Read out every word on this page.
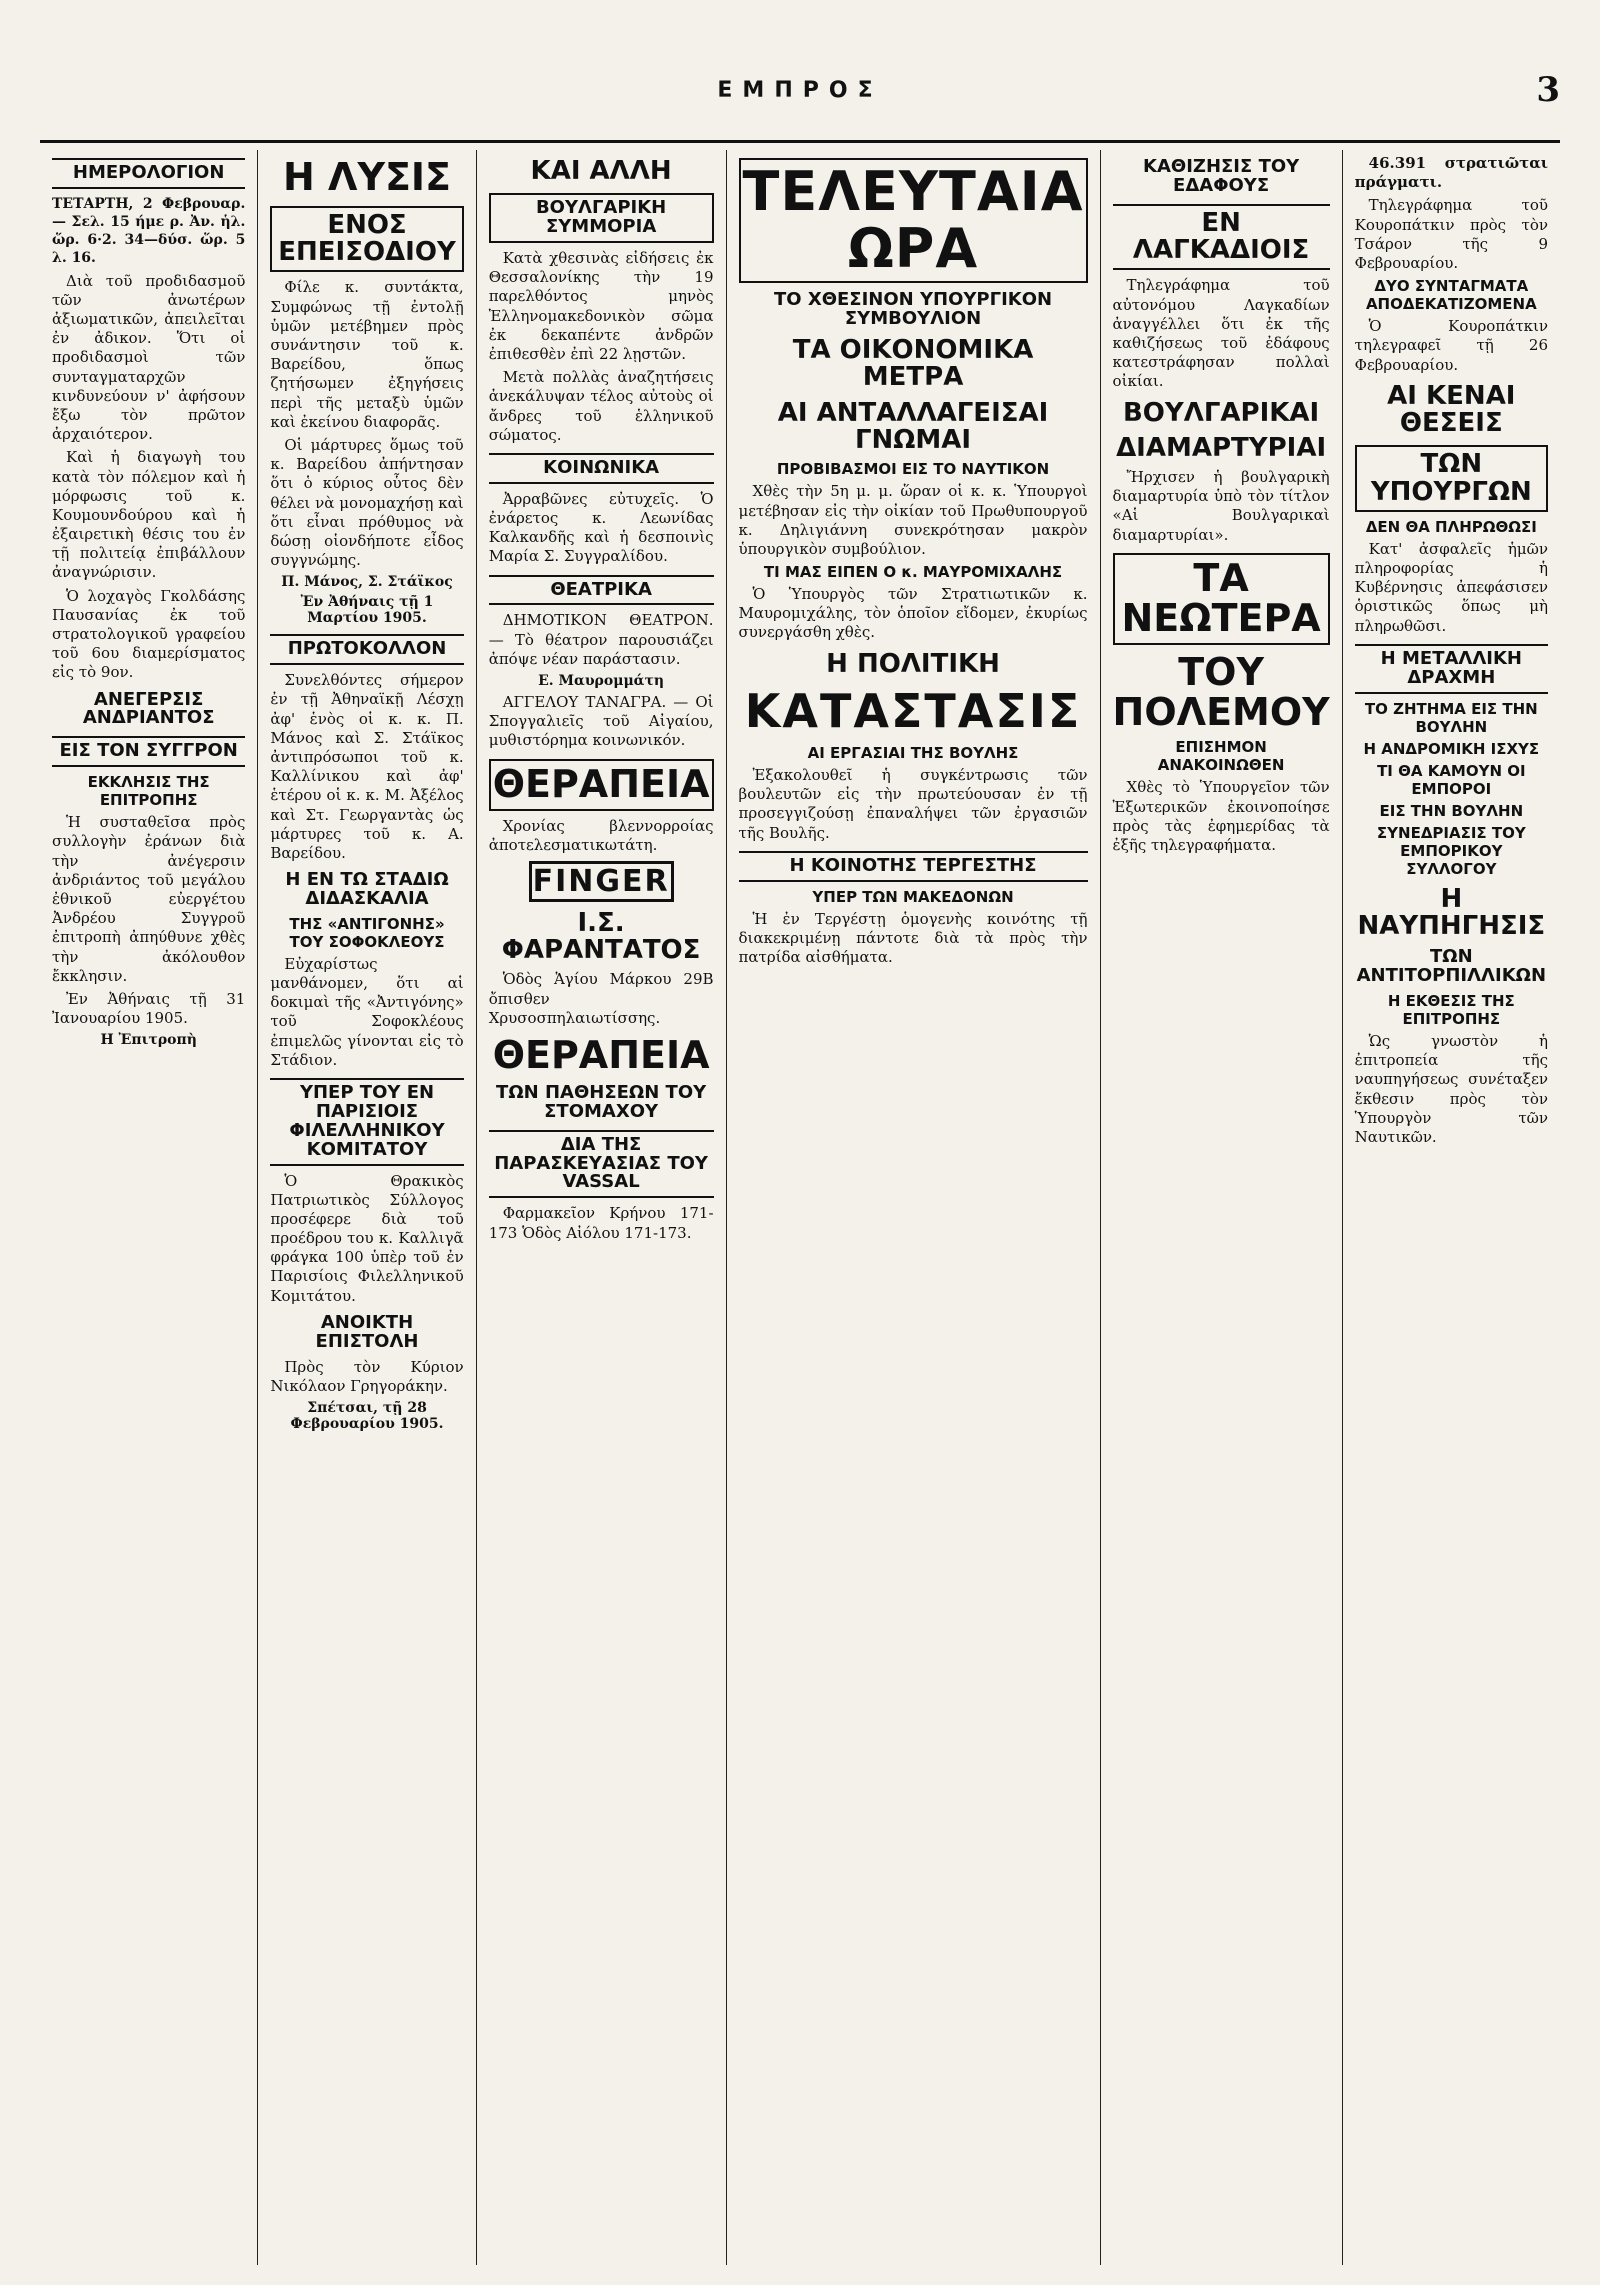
ΕΜΠΡΟΣ	3
ΗΜΕΡΟΛΟΓΙΟΝ
ΤΕΤΑΡΤΗ, 2 Φεβρουαρ. — Σελ. 15 ήμε ρ. Ἀν. ἡλ. ὥρ. 6·2. 34—δύσ. ὥρ. 5 λ. 16.

Διὰ τοῦ προδιδασμοῦ τῶν ἀνωτέρων ἀξιωματικῶν, ἀπειλεῖται ἐν ἀδικον. Ὅτι οἱ προδιδασμοὶ τῶν συνταγματαρχῶν κινδυνεύουν ν' ἀφήσουν ἔξω τὸν πρῶτον ἀρχαιότερον.

Καὶ ἡ διαγωγὴ του κατὰ τὸν πόλεμον καὶ ἡ μόρφωσις τοῦ κ. Κουμουνδούρου καὶ ἡ ἐξαιρετικὴ θέσις του ἐν τῇ πολιτείᾳ ἐπιβάλλουν ἀναγνώρισιν.

Ὁ λοχαγὸς Γκολδάσης Παυσανίας ἐκ τοῦ στρατολογικοῦ γραφείου τοῦ 6ου διαμερίσματος εἰς τὸ 9ον.

ΑΝΕΓΕΡΣΙΣ ΑΝΔΡΙΑΝΤΟΣ
ΕΙΣ ΤΟΝ ΣΥΓΓΡΟΝ
ΕΚΚΛΗΣΙΣ ΤΗΣ ΕΠΙΤΡΟΠΗΣ

Ἡ συσταθεῖσα πρὸς συλλογὴν ἐράνων διὰ τὴν ἀνέγερσιν ἀνδριάντος τοῦ μεγάλου ἐθνικοῦ εὐεργέτου Ἀνδρέου Συγγροῦ ἐπιτροπὴ ἀπηύθυνε χθὲς τὴν ἀκόλουθον ἔκκλησιν.

Ἐν Ἀθήναις τῇ 31 Ἰανουαρίου 1905.

Η Ἐπιτροπὴ
Η ΛΥΣΙΣ
ΕΝΟΣ ΕΠΕΙΣΟΔΙΟΥ

Φίλε κ. συντάκτα, Συμφώνως τῇ ἐντολῇ ὑμῶν μετέβημεν πρὸς συνάντησιν τοῦ κ. Βαρείδου, ὅπως ζητήσωμεν ἐξηγήσεις περὶ τῆς μεταξὺ ὑμῶν καὶ ἐκείνου διαφορᾶς.

Οἱ μάρτυρες ὅμως τοῦ κ. Βαρείδου ἀπήντησαν ὅτι ὁ κύριος οὗτος δὲν θέλει νὰ μονομαχήσῃ καὶ ὅτι εἶναι πρόθυμος νὰ δώσῃ οἱονδήποτε εἶδος συγγνώμης.

Π. Μάνος, Σ. Στάϊκος
Ἐν Ἀθήναις τῇ 1 Μαρτίου 1905.
ΠΡΩΤΟΚΟΛΛΟΝ

Συνελθόντες σήμερον ἐν τῇ Ἀθηναϊκῇ Λέσχῃ ἀφ' ἑνὸς οἱ κ. κ. Π. Μάνος καὶ Σ. Στάϊκος ἀντιπρόσωποι τοῦ κ. Καλλίνικου καὶ ἀφ' ἑτέρου οἱ κ. κ. Μ. Ἀξέλος καὶ Στ. Γεωργαντὰς ὡς μάρτυρες τοῦ κ. Α. Βαρείδου.

Η ΕΝ ΤΩ ΣΤΑΔΙΩ ΔΙΔΑΣΚΑΛΙΑ
ΤΗΣ «ΑΝΤΙΓΟΝΗΣ» ΤΟΥ ΣΟΦΟΚΛΕΟΥΣ

Εὐχαρίστως μανθάνομεν, ὅτι αἱ δοκιμαὶ τῆς «Ἀντιγόνης» τοῦ Σοφοκλέους ἐπιμελῶς γίνονται εἰς τὸ Στάδιον.

ΥΠΕΡ ΤΟΥ ΕΝ ΠΑΡΙΣΙΟΙΣ ΦΙΛΕΛΛΗΝΙΚΟΥ ΚΟΜΙΤΑΤΟΥ

Ὁ Θρακικὸς Πατριωτικὸς Σύλλογος προσέφερε διὰ τοῦ προέδρου του κ. Καλλιγᾶ φράγκα 100 ὑπὲρ τοῦ ἐν Παρισίοις Φιλελληνικοῦ Κομιτάτου.

ΑΝΟΙΚΤΗ ΕΠΙΣΤΟΛΗ

Πρὸς τὸν Κύριον Νικόλαον Γρηγοράκην.

Σπέτσαι, τῇ 28 Φεβρουαρίου 1905.
ΚΑΙ ΑΛΛΗ
ΒΟΥΛΓΑΡΙΚΗ ΣΥΜΜΟΡΙΑ

Κατὰ χθεσινὰς εἰδήσεις ἐκ Θεσσαλονίκης τὴν 19 παρελθόντος μηνὸς Ἑλληνομακεδονικὸν σῶμα ἐκ δεκαπέντε ἀνδρῶν ἐπιθεσθὲν ἐπὶ 22 λῃστῶν.

Μετὰ πολλὰς ἀναζητήσεις ἀνεκάλυψαν τέλος αὐτοὺς οἱ ἄνδρες τοῦ ἑλληνικοῦ σώματος.

ΚΟΙΝΩΝΙΚΑ

Ἀρραβῶνες εὐτυχεῖς. Ὁ ἐνάρετος κ. Λεωνίδας Καλκανδῆς καὶ ἡ δεσποινὶς Μαρία Σ. Συγγραλίδου.

ΘΕΑΤΡΙΚΑ

ΔΗΜΟΤΙΚΟΝ ΘΕΑΤΡΟΝ. — Τὸ θέατρον παρουσιάζει ἀπόψε νέαν παράστασιν.

Ε. Μαυρομμάτη

ΑΓΓΕΛΟΥ ΤΑΝΑΓΡΑ. — Οἱ Σπογγαλιεῖς τοῦ Αἰγαίου, μυθιστόρημα κοινωνικόν.

ΘΕΡΑΠΕΙΑ

Χρονίας βλεννορροίας ἀποτελεσματικωτάτη.

FINGER
Ι.Σ. ΦΑΡΑΝΤΑΤΟΣ

Ὁδὸς Ἁγίου Μάρκου 29Β ὄπισθεν Χρυσοσπηλαιωτίσσης.

ΘΕΡΑΠΕΙΑ
ΤΩΝ ΠΑΘΗΣΕΩΝ ΤΟΥ ΣΤΟΜΑΧΟΥ
ΔΙΑ ΤΗΣ ΠΑΡΑΣΚΕΥΑΣΙΑΣ ΤΟΥ VASSAL

Φαρμακεῖον Κρήνου 171-173 Ὁδὸς Αἰόλου 171-173.

ΤΕΛΕΥΤΑΙΑ ΩΡΑ
ΤΟ ΧΘΕΣΙΝΟΝ ΥΠΟΥΡΓΙΚΟΝ ΣΥΜΒΟΥΛΙΟΝ
ΤΑ ΟΙΚΟΝΟΜΙΚΑ ΜΕΤΡΑ
ΑΙ ΑΝΤΑΛΛΑΓΕΙΣΑΙ ΓΝΩΜΑΙ
ΠΡΟΒΙΒΑΣΜΟΙ ΕΙΣ ΤΟ ΝΑΥΤΙΚΟΝ

Χθὲς τὴν 5η μ. μ. ὥραν οἱ κ. κ. Ὑπουργοὶ μετέβησαν εἰς τὴν οἰκίαν τοῦ Πρωθυπουργοῦ κ. Δηλιγιάννη συνεκρότησαν μακρὸν ὑπουργικὸν συμβούλιον.

ΤΙ ΜΑΣ ΕΙΠΕΝ Ο κ. ΜΑΥΡΟΜΙΧΑΛΗΣ

Ὁ Ὑπουργὸς τῶν Στρατιωτικῶν κ. Μαυρομιχάλης, τὸν ὁποῖον εἴδομεν, ἐκυρίως συνεργάσθη χθὲς.

Η ΠΟΛΙΤΙΚΗ
ΚΑΤΑΣΤΑΣΙΣ
ΑΙ ΕΡΓΑΣΙΑΙ ΤΗΣ ΒΟΥΛΗΣ

Ἐξακολουθεῖ ἡ συγκέντρωσις τῶν βουλευτῶν εἰς τὴν πρωτεύουσαν ἐν τῇ προσεγγιζούσῃ ἐπαναλήψει τῶν ἐργασιῶν τῆς Βουλῆς.

Η ΚΟΙΝΟΤΗΣ ΤΕΡΓΕΣΤΗΣ
ΥΠΕΡ ΤΩΝ ΜΑΚΕΔΟΝΩΝ

Ἡ ἐν Τεργέστῃ ὁμογενὴς κοινότης τῇ διακεκριμένῃ πάντοτε διὰ τὰ πρὸς τὴν πατρίδα αἰσθήματα.

ΚΑΘΙΖΗΣΙΣ ΤΟΥ ΕΔΑΦΟΥΣ
ΕΝ ΛΑΓΚΑΔΙΟΙΣ

Τηλεγράφημα τοῦ αὐτονόμου Λαγκαδίων ἀναγγέλλει ὅτι ἐκ τῆς καθιζήσεως τοῦ ἐδάφους κατεστράφησαν πολλαὶ οἰκίαι.

ΒΟΥΛΓΑΡΙΚΑΙ
ΔΙΑΜΑΡΤΥΡΙΑΙ

Ἤρχισεν ἡ βουλγαρικὴ διαμαρτυρία ὑπὸ τὸν τίτλον «Αἱ Βουλγαρικαὶ διαμαρτυρίαι».

ΤΑ ΝΕΩΤΕΡΑ
ΤΟΥ ΠΟΛΕΜΟΥ
ΕΠΙΣΗΜΟΝ ΑΝΑΚΟΙΝΩΘΕΝ

Χθὲς τὸ Ὑπουργεῖον τῶν Ἐξωτερικῶν ἐκοινοποίησε πρὸς τὰς ἐφημερίδας τὰ ἐξῆς τηλεγραφήματα.

46.391 στρατιῶται πράγματι.

Τηλεγράφημα τοῦ Κουροπάτκιν πρὸς τὸν Τσάρον τῆς 9 Φεβρουαρίου.

ΔΥΟ ΣΥΝΤΑΓΜΑΤΑ ΑΠΟΔΕΚΑΤΙΖΟΜΕΝΑ

Ὁ Κουροπάτκιν τηλεγραφεῖ τῇ 26 Φεβρουαρίου.

ΑΙ ΚΕΝΑΙ ΘΕΣΕΙΣ
ΤΩΝ ΥΠΟΥΡΓΩΝ
ΔΕΝ ΘΑ ΠΛΗΡΩΘΩΣΙ

Κατ' ἀσφαλεῖς ἡμῶν πληροφορίας ἡ Κυβέρνησις ἀπεφάσισεν ὁριστικῶς ὅπως μὴ πληρωθῶσι.

Η ΜΕΤΑΛΛΙΚΗ ΔΡΑΧΜΗ
ΤΟ ΖΗΤΗΜΑ ΕΙΣ ΤΗΝ ΒΟΥΛΗΝ
Η ΑΝΔΡΟΜΙΚΗ ΙΣΧΥΣ
ΤΙ ΘΑ ΚΑΜΟΥΝ ΟΙ ΕΜΠΟΡΟΙ
ΕΙΣ ΤΗΝ ΒΟΥΛΗΝ
ΣΥΝΕΔΡΙΑΣΙΣ ΤΟΥ ΕΜΠΟΡΙΚΟΥ ΣΥΛΛΟΓΟΥ
Η ΝΑΥΠΗΓΗΣΙΣ
ΤΩΝ ΑΝΤΙΤΟΡΠΙΛΛΙΚΩΝ
Η ΕΚΘΕΣΙΣ ΤΗΣ ΕΠΙΤΡΟΠΗΣ

Ὡς γνωστὸν ἡ ἐπιτροπεία τῆς ναυπηγήσεως συνέταξεν ἔκθεσιν πρὸς τὸν Ὑπουργὸν τῶν Ναυτικῶν.
